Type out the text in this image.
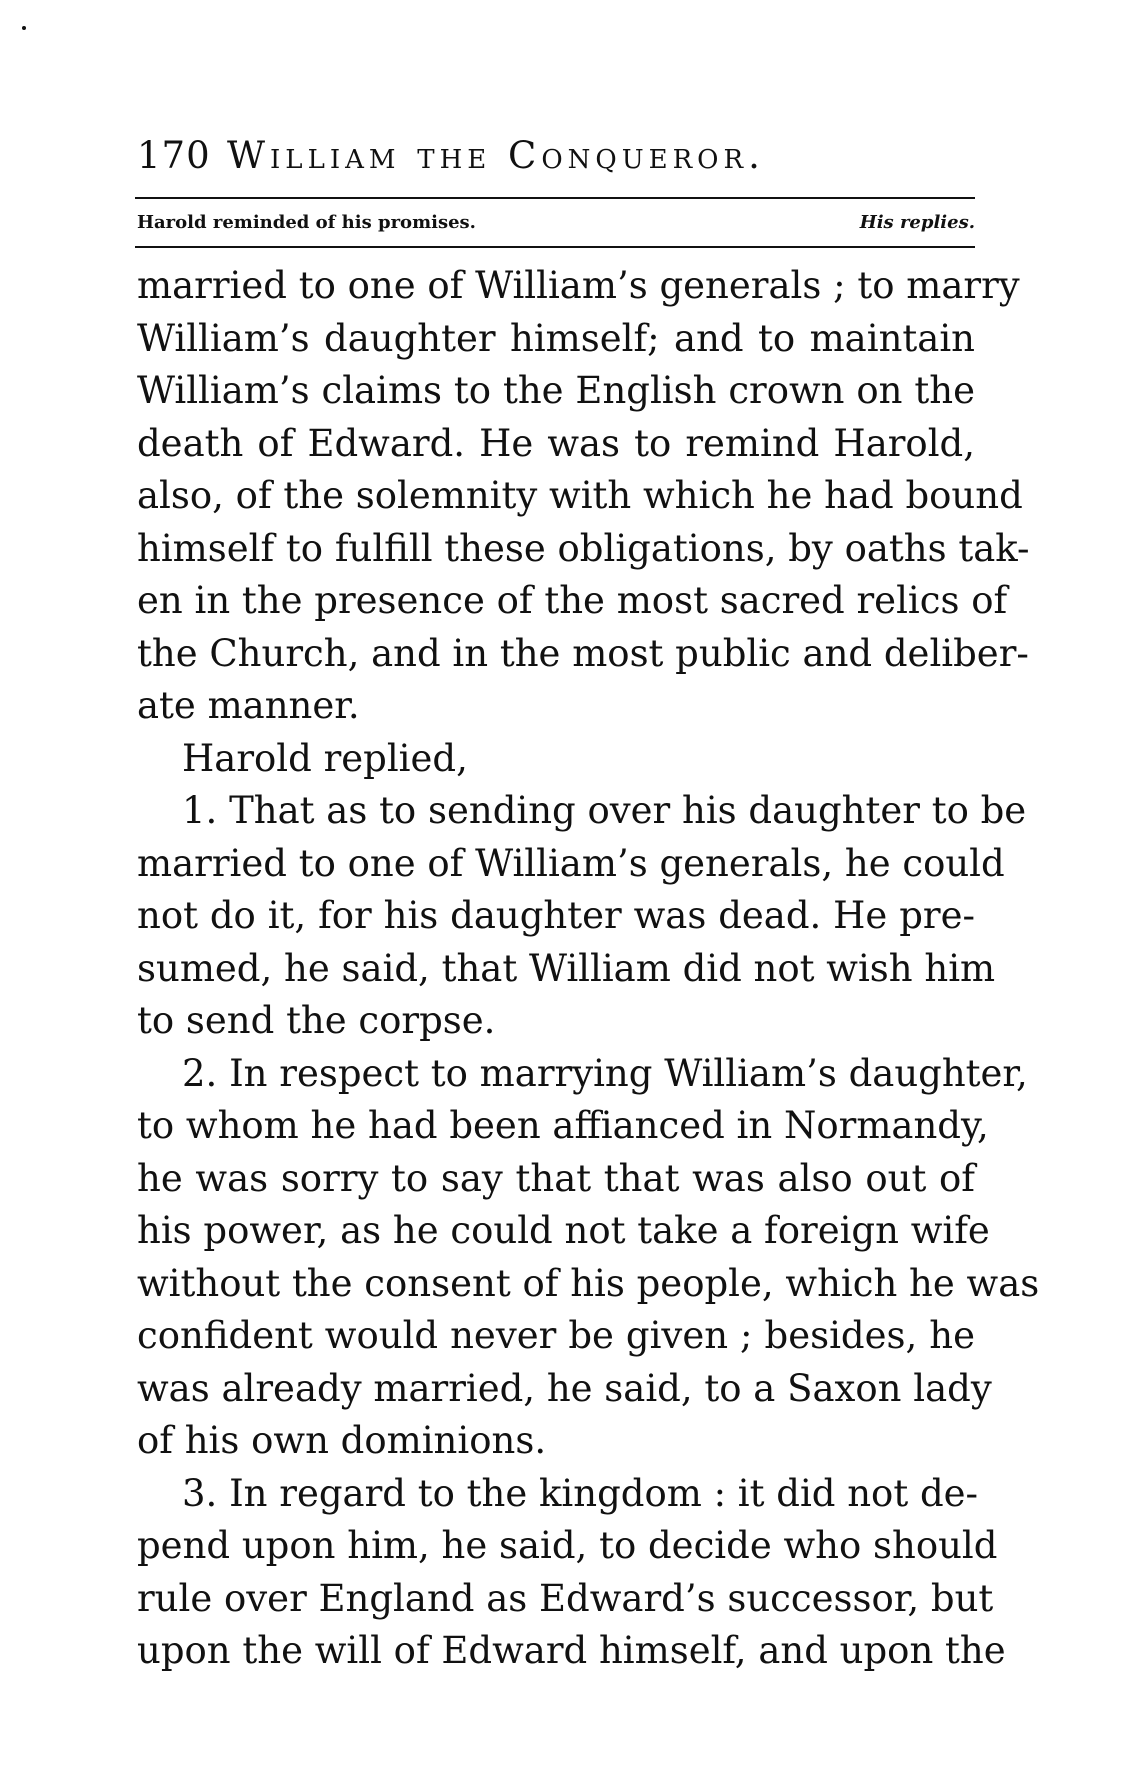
170 William the Conqueror.
Harold reminded of his promises.	His replies.

married to one of William’s generals ; to marry
William’s daughter himself; and to maintain
William’s claims to the English crown on the
death of Edward. He was to remind Harold,
also, of the solemnity with which he had bound
himself to fulfill these obligations, by oaths tak-
en in the presence of the most sacred relics of
the Church, and in the most public and deliber-
ate manner.

Harold replied,

1. That as to sending over his daughter to be
married to one of William’s generals, he could
not do it, for his daughter was dead. He pre-
sumed, he said, that William did not wish him
to send the corpse.

2. In respect to marrying William’s daughter,
to whom he had been affianced in Normandy,
he was sorry to say that that was also out of
his power, as he could not take a foreign wife
without the consent of his people, which he was
confident would never be given ; besides, he
was already married, he said, to a Saxon lady
of his own dominions.

3. In regard to the kingdom : it did not de-
pend upon him, he said, to decide who should
rule over England as Edward’s successor, but
upon the will of Edward himself, and upon the
